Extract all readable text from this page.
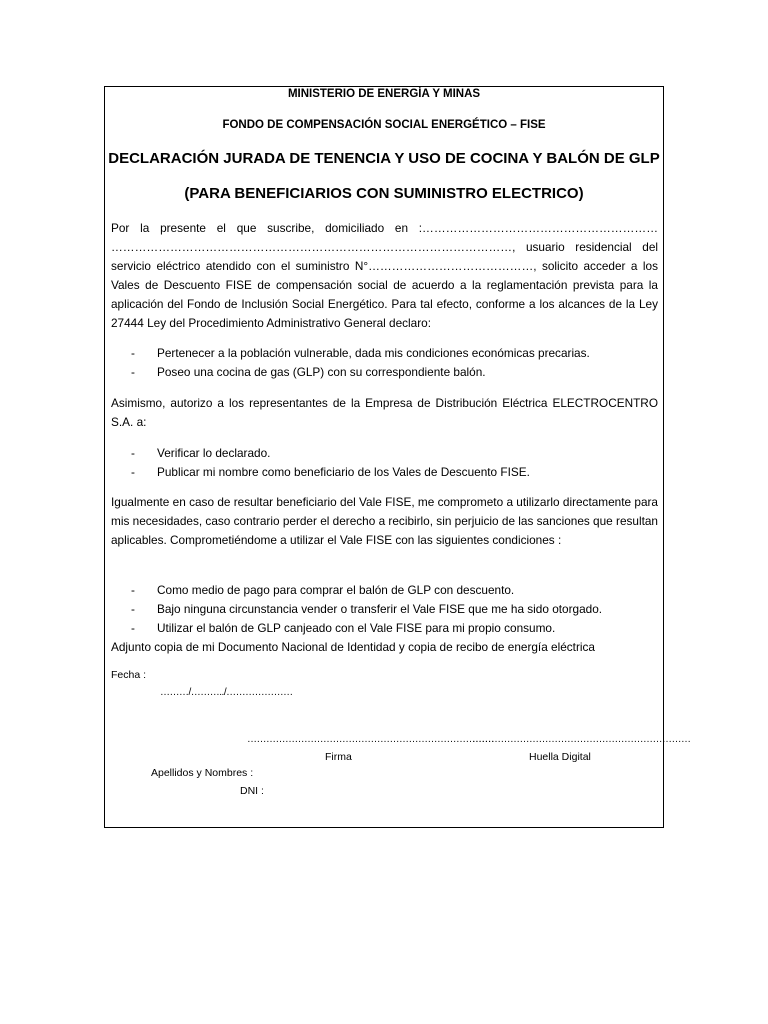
MINISTERIO DE ENERGÍA Y MINAS
FONDO DE COMPENSACIÓN SOCIAL ENERGÉTICO – FISE
DECLARACIÓN JURADA DE TENENCIA Y USO DE COCINA Y BALÓN DE GLP
(PARA BENEFICIARIOS CON SUMINISTRO ELECTRICO)
Por la presente el que suscribe, domiciliado en :……………………………………………………
…………………………………………………………………………………………, usuario residencial del
servicio eléctrico atendido con el suministro N°……………………………………, solicito acceder a los Vales de Descuento FISE de compensación social de acuerdo a la reglamentación prevista para la aplicación del Fondo de Inclusión Social Energético. Para tal efecto, conforme a los alcances de la Ley 27444 Ley del Procedimiento Administrativo General declaro:
- Pertenecer a la población vulnerable, dada mis condiciones económicas precarias.
- Poseo una cocina de gas (GLP) con su correspondiente balón.
Asimismo, autorizo a los representantes de la Empresa de Distribución Eléctrica ELECTROCENTRO S.A. a:
- Verificar lo declarado.
- Publicar mi nombre como beneficiario de los Vales de Descuento FISE.
Igualmente en caso de resultar beneficiario del Vale FISE, me comprometo a utilizarlo directamente para mis necesidades, caso contrario perder el derecho a recibirlo, sin perjuicio de las sanciones que resultan aplicables. Comprometiéndome a utilizar el Vale FISE con las siguientes condiciones :
- Como medio de pago para comprar el balón de GLP con descuento.
- Bajo ninguna circunstancia vender o transferir el Vale FISE que me ha sido otorgado.
- Utilizar el balón de GLP canjeado con el Vale FISE para mi propio consumo.
Adjunto copia de mi Documento Nacional de Identidad y copia de recibo de energía eléctrica
Fecha :
………/………../…………………
……………………………………………………………………
……………………………………………………………
Firma	Huella Digital
Apellidos y Nombres :
DNI :
